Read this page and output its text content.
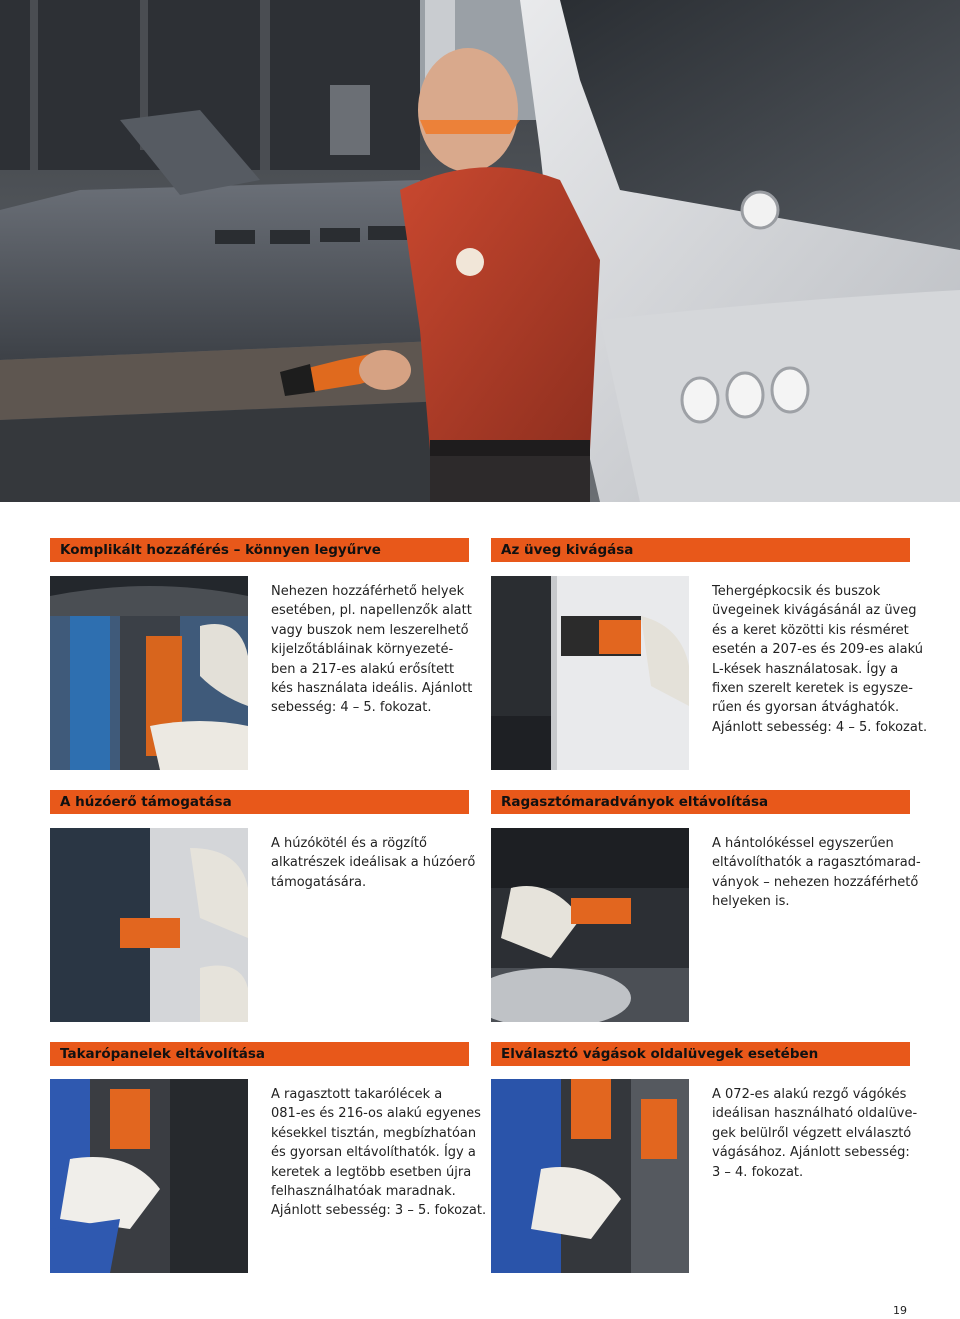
Komplikált hozzáférés – könnyen legyűrve
Nehezen hozzáférhető helyek
esetében, pl. napellenzők alatt
vagy buszok nem leszerelhető
kijelzőtábláinak környezeté-
ben a 217-es alakú erősített
kés használata ideális. Ajánlott
sebesség: 4 – 5. fokozat.
Az üveg kivágása
Tehergépkocsik és buszok
üvegeinek kivágásánál az üveg
és a keret közötti kis résméret
esetén a 207-es és 209-es alakú
L-kések használatosak. Így a
fixen szerelt keretek is egysze-
rűen és gyorsan átvághatók.
Ajánlott sebesség: 4 – 5. fokozat.
A húzóerő támogatása
A húzókötél és a rögzítő
alkatrészek ideálisak a húzóerő
támogatására.
Ragasztómaradványok eltávolítása
A hántolókéssel egyszerűen
eltávolíthatók a ragasztómarad-
ványok – nehezen hozzáférhető
helyeken is.
Takarópanelek eltávolítása
A ragasztott takarólécek a
081-es és 216-os alakú egyenes
késekkel tisztán, megbízhatóan
és gyorsan eltávolíthatók. Így a
keretek a legtöbb esetben újra
felhasználhatóak maradnak.
Ajánlott sebesség: 3 – 5. fokozat.
Elválasztó vágások oldalüvegek esetében
A 072-es alakú rezgő vágókés
ideálisan használható oldalüve-
gek belülről végzett elválasztó
vágásához. Ajánlott sebesség:
3 – 4. fokozat.
19
